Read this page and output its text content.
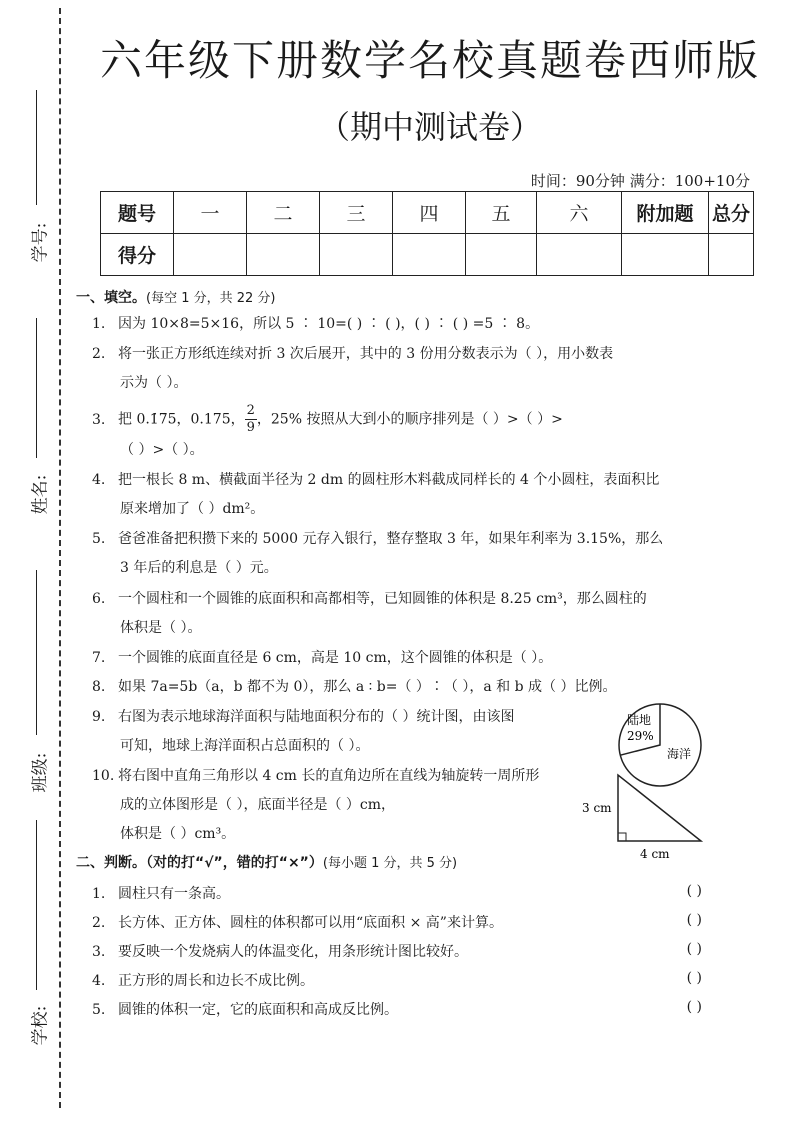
学号:
姓名:
班级:
学校:
六年级下册数学名校真题卷西师版
（期中测试卷）
时间：90分钟 满分：100+10分
题号	一	二	三	四	五	六	附加题	总分
得分								
一、填空。(每空 1 分，共 22 分)
1. 因为 10×8=5×16，所以 5 ∶ 10=( ) ∶ ( )，( ) ∶ ( ) =5 ∶ 8。
2. 将一张正方形纸连续对折 3 次后展开，其中的 3 份用分数表示为（ ），用小数表
示为（ ）。
3. 把 0.1̇7̇5，0.175， $\frac{2}{9}$ ，25% 按照从大到小的顺序排列是（ ）>（ ）>
（ ）>（ ）。
4. 把一根长 8 m、横截面半径为 2 dm 的圆柱形木料截成同样长的 4 个小圆柱，表面积比
原来增加了（ ）dm²。
5. 爸爸准备把积攒下来的 5000 元存入银行，整存整取 3 年，如果年利率为 3.15%，那么
3 年后的利息是（ ）元。
6. 一个圆柱和一个圆锥的底面积和高都相等，已知圆锥的体积是 8.25 cm³，那么圆柱的
体积是（ ）。
7. 一个圆锥的底面直径是 6 cm，高是 10 cm，这个圆锥的体积是（ ）。
8. 如果 7a=5b（a，b 都不为 0），那么 a ∶ b=（ ）∶（ ），a 和 b 成（ ）比例。
9. 右图为表示地球海洋面积与陆地面积分布的（ ）统计图，由该图
可知，地球上海洋面积占总面积的（ ）。
10. 将右图中直角三角形以 4 cm 长的直角边所在直线为轴旋转一周所形
成的立体图形是（ ），底面半径是（ ）cm，
体积是（ ）cm³。
陆地
29%
海洋
3 cm
4 cm
二、判断。（对的打“√”，错的打“×”）(每小题 1 分，共 5 分)
1. 圆柱只有一条高。	( )
2. 长方体、正方体、圆柱的体积都可以用“底面积 × 高”来计算。	( )
3. 要反映一个发烧病人的体温变化，用条形统计图比较好。	( )
4. 正方形的周长和边长不成比例。	( )
5. 圆锥的体积一定，它的底面积和高成反比例。	( )
